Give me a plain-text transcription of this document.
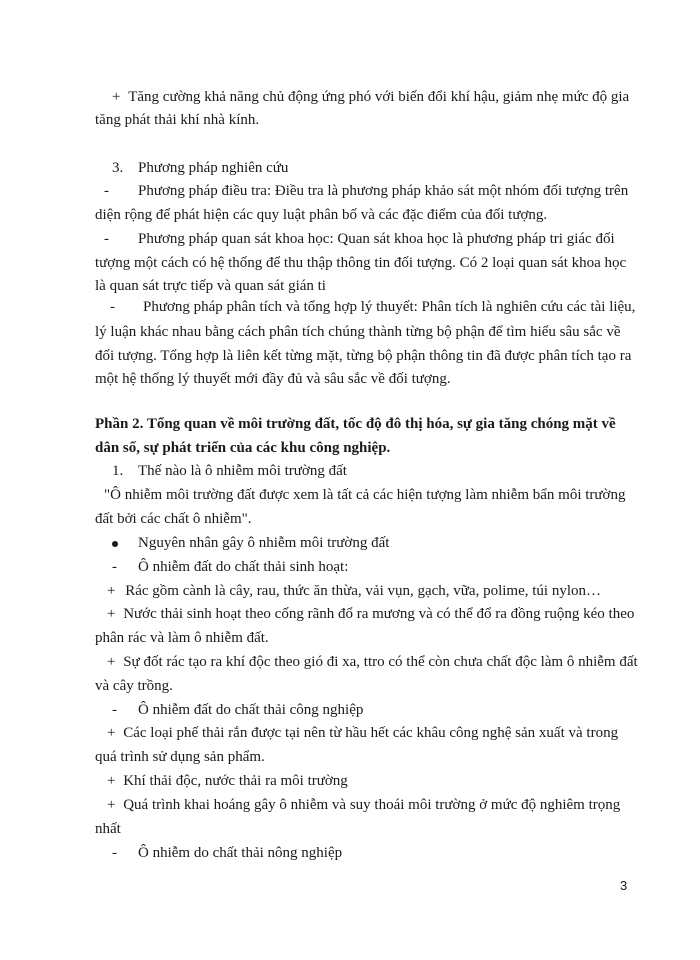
+ Tăng cường khả năng chủ động ứng phó với biến đổi khí hậu, giảm nhẹ mức độ gia
tăng phát thải khí nhà kính.
3. Phương pháp nghiên cứu
- Phương pháp điều tra: Điều tra là phương pháp khảo sát một nhóm đối tượng trên
diện rộng để phát hiện các quy luật phân bố và các đặc điểm của đối tượng.
- Phương pháp quan sát khoa học: Quan sát khoa học là phương pháp tri giác đối
tượng một cách có hệ thống để thu thập thông tin đối tượng. Có 2 loại quan sát khoa học
là quan sát trực tiếp và quan sát gián ti
- Phương pháp phân tích và tổng hợp lý thuyết: Phân tích là nghiên cứu các tài liệu,
lý luận khác nhau bằng cách phân tích chúng thành từng bộ phận để tìm hiểu sâu sắc về
đối tượng. Tổng hợp là liên kết từng mặt, từng bộ phận thông tin đã được phân tích tạo ra
một hệ thống lý thuyết mới đầy đủ và sâu sắc về đối tượng.
Phần 2. Tổng quan về môi trường đất, tốc độ đô thị hóa, sự gia tăng chóng mặt về
dân số, sự phát triển của các khu công nghiệp.
1. Thế nào là ô nhiễm môi trường đất
"Ô nhiễm môi trường đất được xem là tất cả các hiện tượng làm nhiễm bẩn môi trường
đất bởi các chất ô nhiễm".
Nguyên nhân gây ô nhiễm môi trường đất
- Ô nhiễm đất do chất thải sinh hoạt:
+ Rác gồm cành là cây, rau, thức ăn thừa, vải vụn, gạch, vữa, polime, túi nylon…
+ Nước thải sinh hoạt theo cống rãnh đổ ra mương và có thể đổ ra đồng ruộng kéo theo
phân rác và làm ô nhiễm đất.
+ Sự đốt rác tạo ra khí độc theo gió đi xa, ttro có thể còn chưa chất độc làm ô nhiễm đất
và cây trồng.
- Ô nhiễm đất do chất thải công nghiệp
+ Các loại phế thải rắn được tại nên từ hầu hết các khâu công nghệ sản xuất và trong
quá trình sử dụng sản phẩm.
+ Khí thải độc, nước thải ra môi trường
+ Quá trình khai hoáng gây ô nhiễm và suy thoái môi trường ở mức độ nghiêm trọng
nhất
- Ô nhiễm do chất thải nông nghiệp
3
